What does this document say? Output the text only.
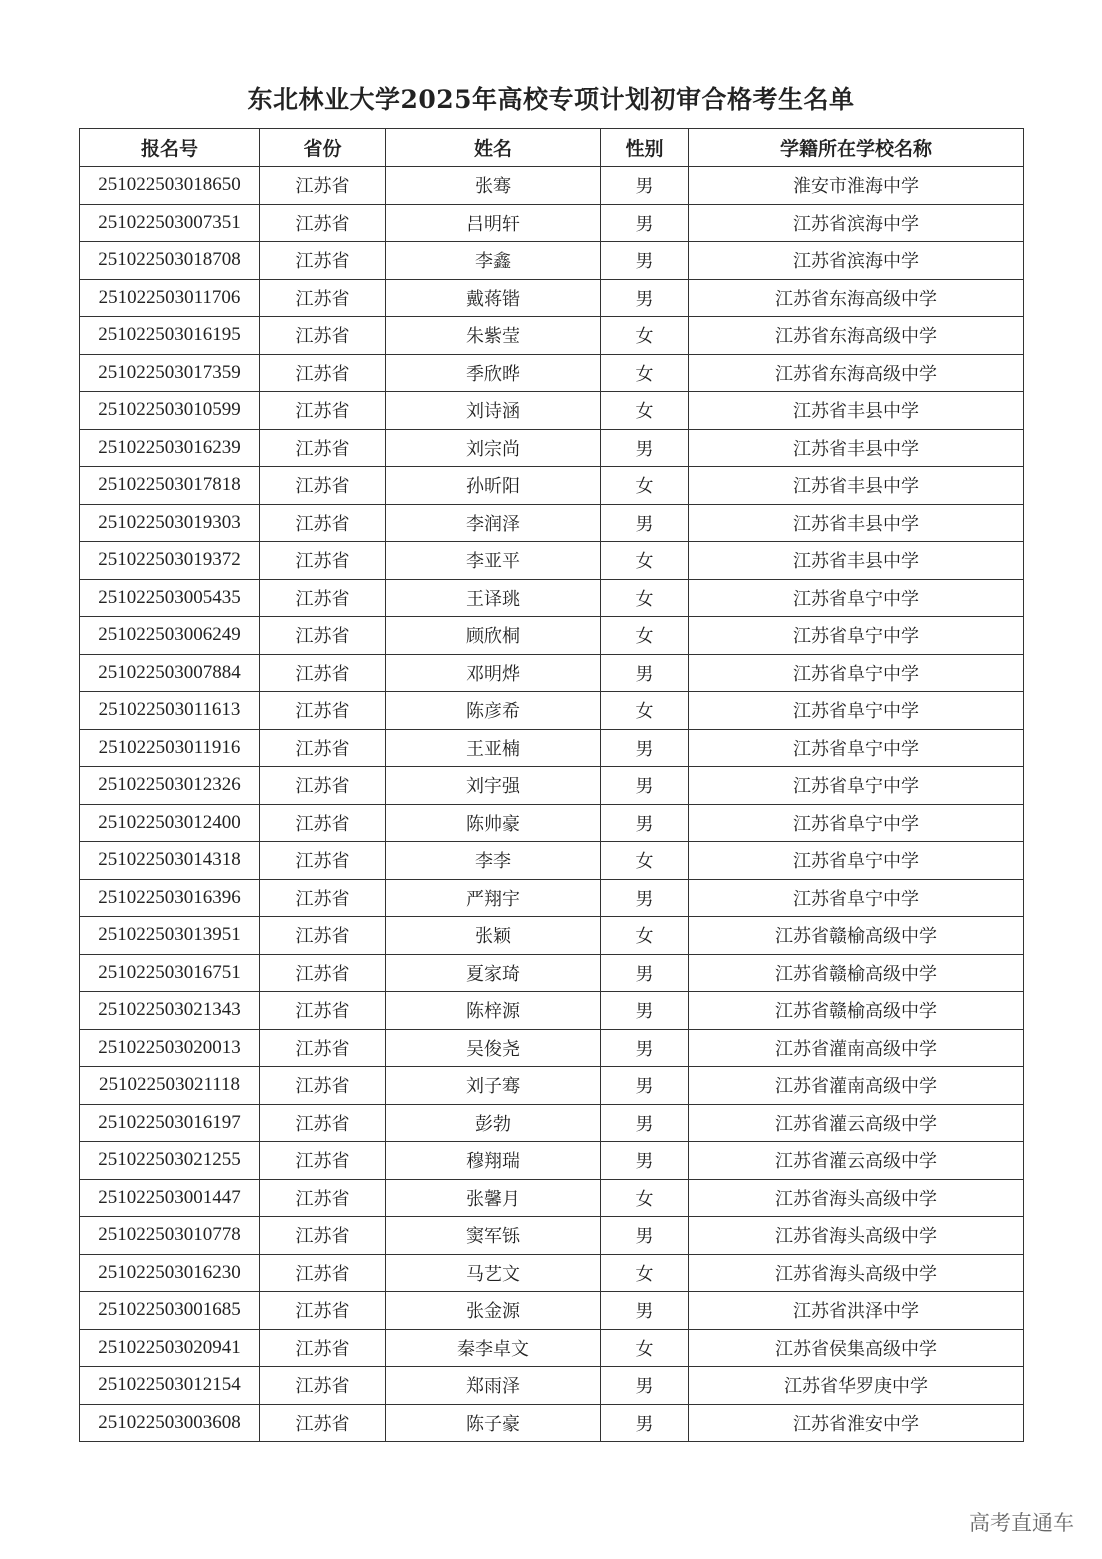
东北林业大学2025年高校专项计划初审合格考生名单
报名号	省份	姓名	性别	学籍所在学校名称
251022503018650	江苏省	张骞	男	淮安市淮海中学
251022503007351	江苏省	吕明轩	男	江苏省滨海中学
251022503018708	江苏省	李鑫	男	江苏省滨海中学
251022503011706	江苏省	戴蒋锴	男	江苏省东海高级中学
251022503016195	江苏省	朱紫莹	女	江苏省东海高级中学
251022503017359	江苏省	季欣晔	女	江苏省东海高级中学
251022503010599	江苏省	刘诗涵	女	江苏省丰县中学
251022503016239	江苏省	刘宗尚	男	江苏省丰县中学
251022503017818	江苏省	孙昕阳	女	江苏省丰县中学
251022503019303	江苏省	李润泽	男	江苏省丰县中学
251022503019372	江苏省	李亚平	女	江苏省丰县中学
251022503005435	江苏省	王译珧	女	江苏省阜宁中学
251022503006249	江苏省	顾欣桐	女	江苏省阜宁中学
251022503007884	江苏省	邓明烨	男	江苏省阜宁中学
251022503011613	江苏省	陈彦希	女	江苏省阜宁中学
251022503011916	江苏省	王亚楠	男	江苏省阜宁中学
251022503012326	江苏省	刘宇强	男	江苏省阜宁中学
251022503012400	江苏省	陈帅豪	男	江苏省阜宁中学
251022503014318	江苏省	李李	女	江苏省阜宁中学
251022503016396	江苏省	严翔宇	男	江苏省阜宁中学
251022503013951	江苏省	张颖	女	江苏省赣榆高级中学
251022503016751	江苏省	夏家琦	男	江苏省赣榆高级中学
251022503021343	江苏省	陈梓源	男	江苏省赣榆高级中学
251022503020013	江苏省	吴俊尧	男	江苏省灌南高级中学
251022503021118	江苏省	刘子骞	男	江苏省灌南高级中学
251022503016197	江苏省	彭勃	男	江苏省灌云高级中学
251022503021255	江苏省	穆翔瑞	男	江苏省灌云高级中学
251022503001447	江苏省	张馨月	女	江苏省海头高级中学
251022503010778	江苏省	窦军铄	男	江苏省海头高级中学
251022503016230	江苏省	马艺文	女	江苏省海头高级中学
251022503001685	江苏省	张金源	男	江苏省洪泽中学
251022503020941	江苏省	秦李卓文	女	江苏省侯集高级中学
251022503012154	江苏省	郑雨泽	男	江苏省华罗庚中学
251022503003608	江苏省	陈子豪	男	江苏省淮安中学
高考直通车
